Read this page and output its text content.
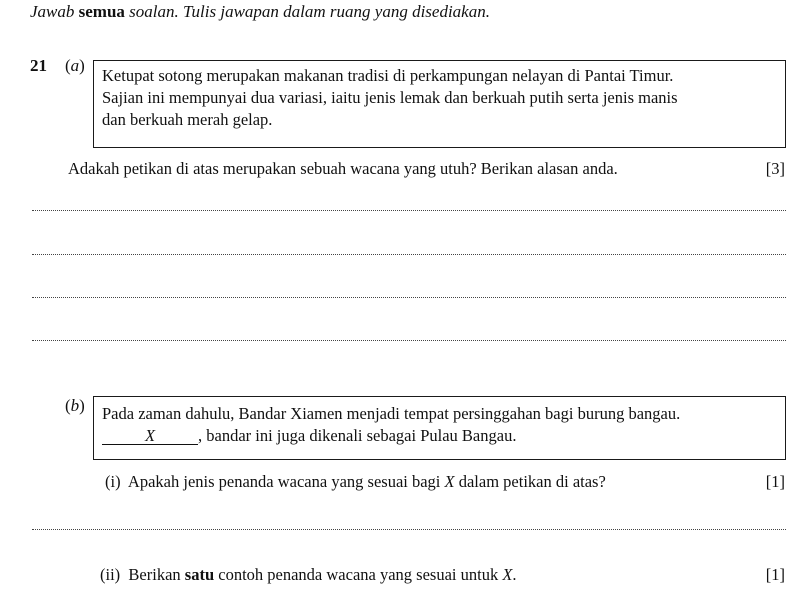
Jawab semua soalan. Tulis jawapan dalam ruang yang disediakan.
21 (a)
Ketupat sotong merupakan makanan tradisi di perkampungan nelayan di Pantai Timur.
Sajian ini mempunyai dua variasi, iaitu jenis lemak dan berkuah putih serta jenis manis
dan berkuah merah gelap.
Adakah petikan di atas merupakan sebuah wacana yang utuh? Berikan alasan anda.	[3]
(b) Pada zaman dahulu, Bandar Xiamen menjadi tempat persinggahan bagi burung bangau.
X	, bandar ini juga dikenali sebagai Pulau Bangau.
(i) Apakah jenis penanda wacana yang sesuai bagi X dalam petikan di atas?	[1]
(ii) Berikan satu contoh penanda wacana yang sesuai untuk X.	[1]
